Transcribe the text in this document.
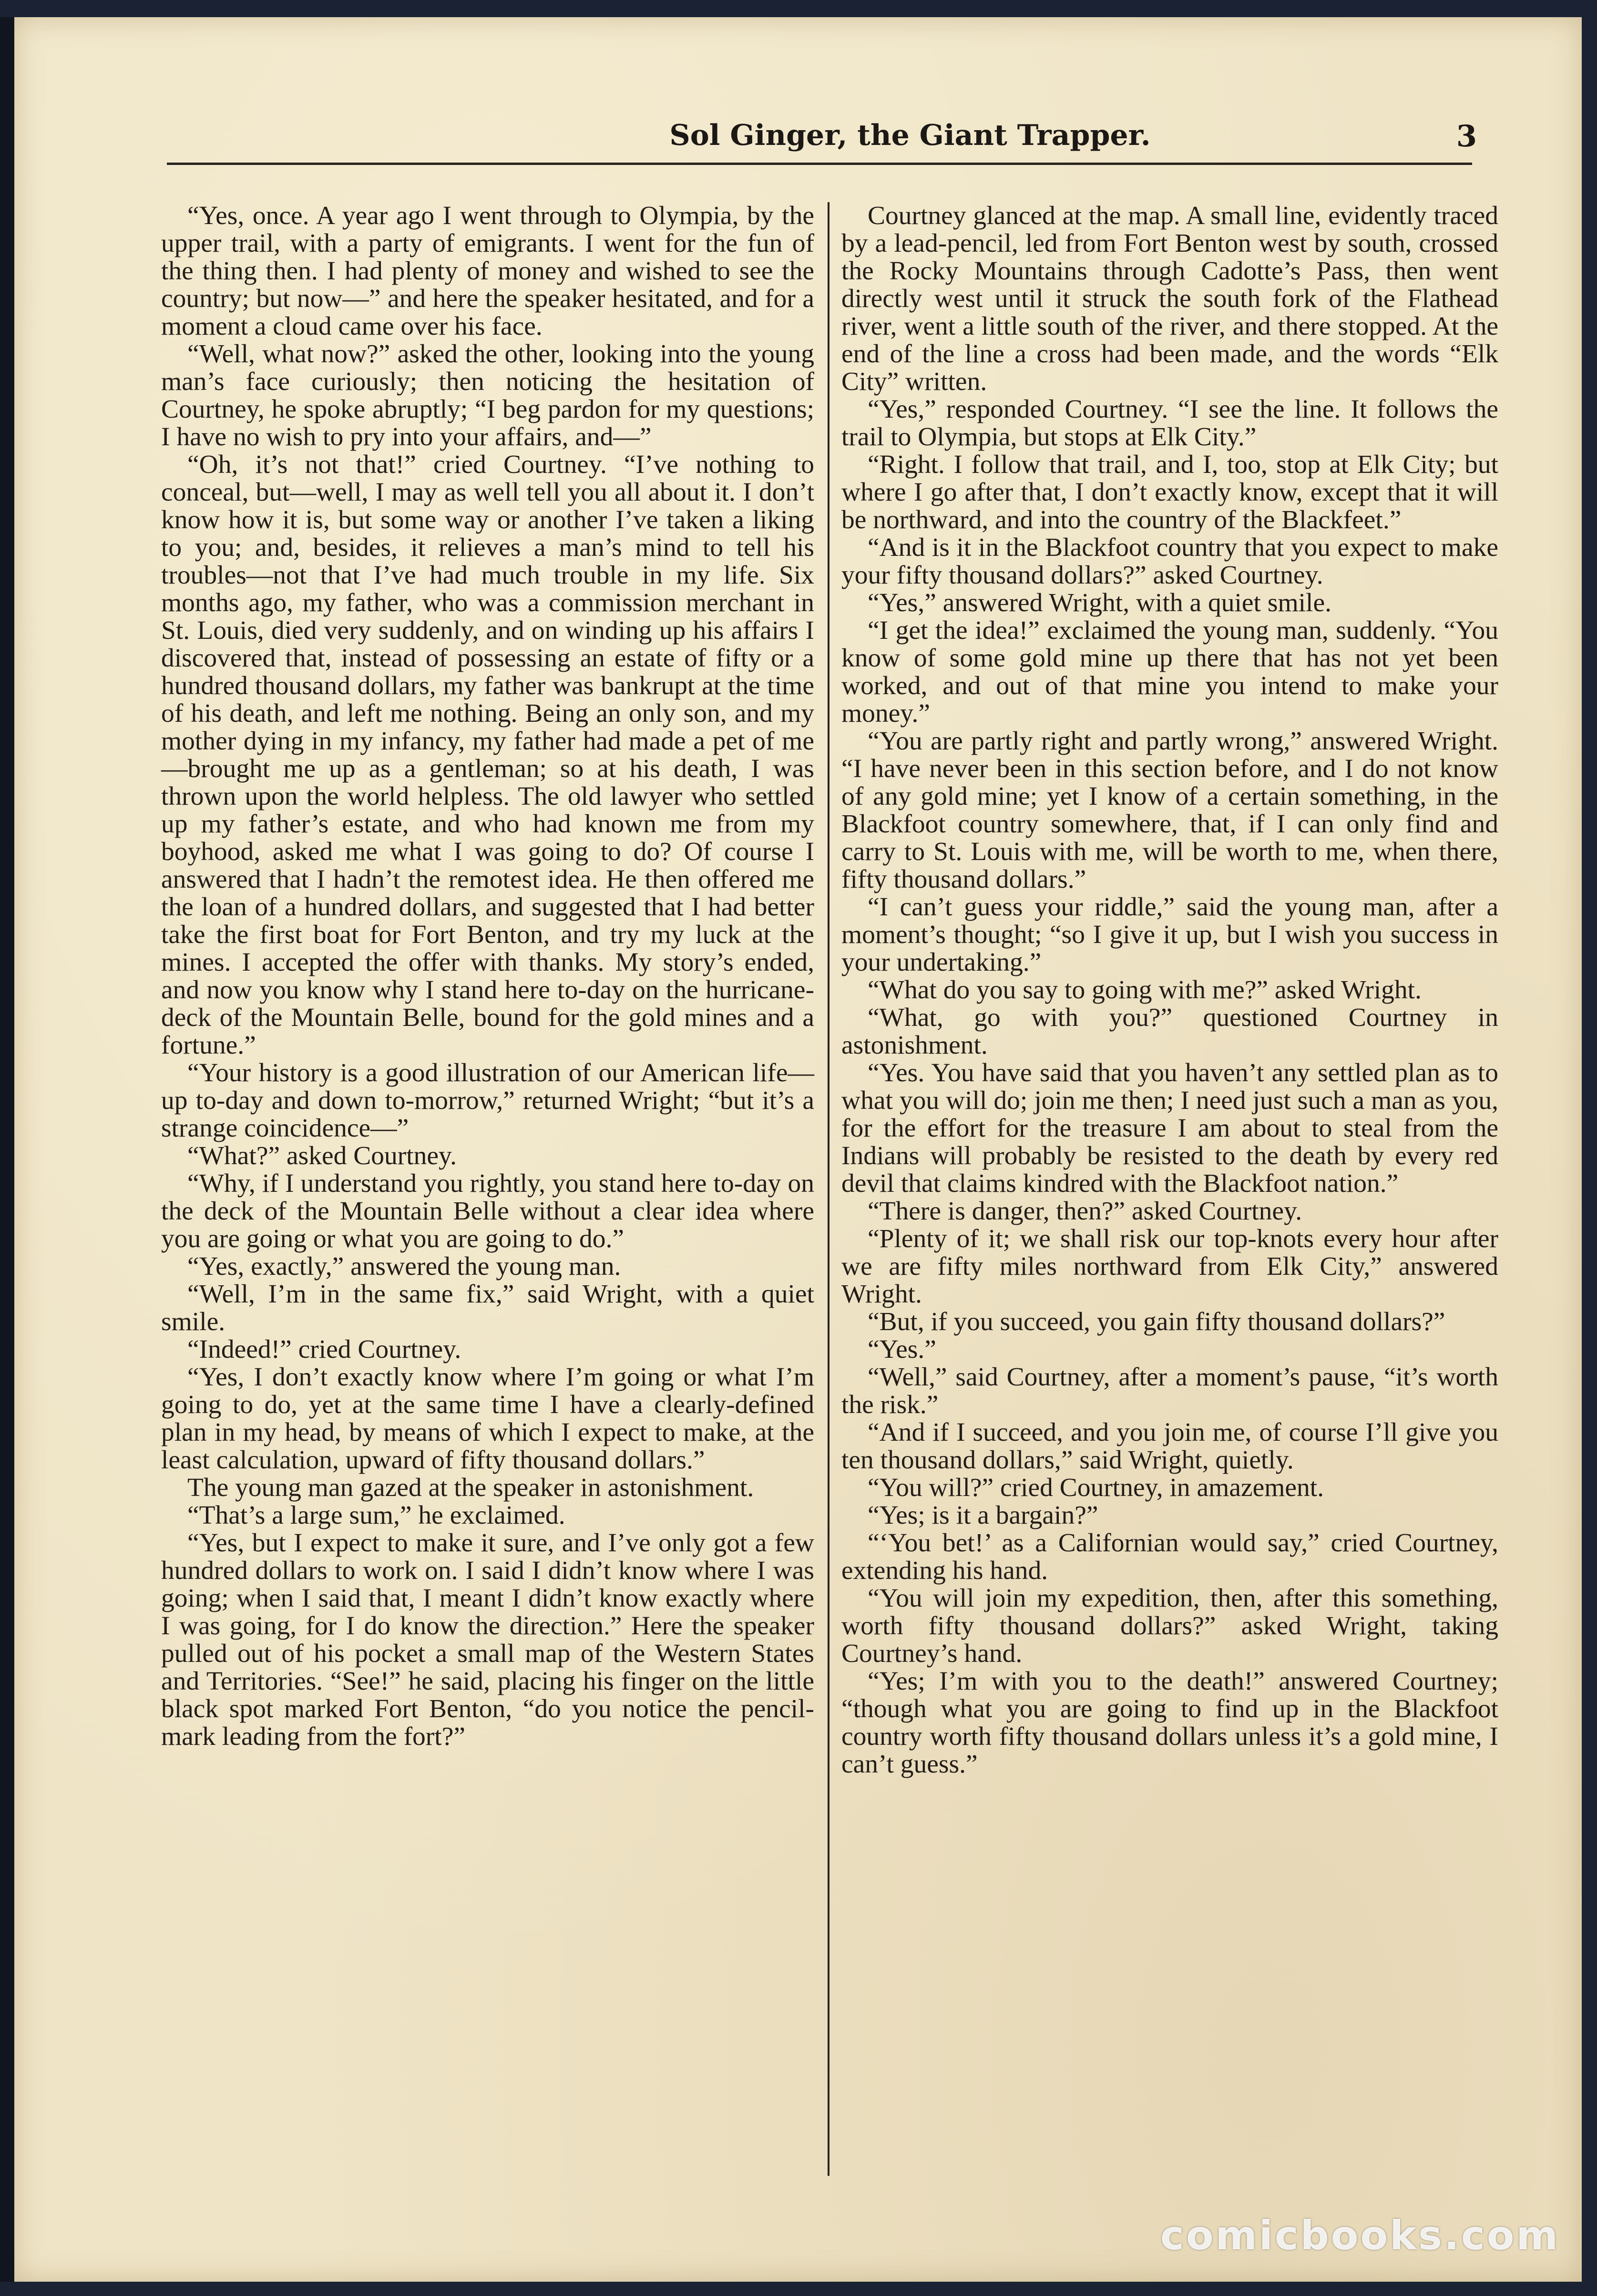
Sol Ginger, the Giant Trapper.	3

“Yes, once. A year ago I went through to Olympia, by the upper trail, with a party of emigrants. I went for the fun of the thing then. I had plenty of money and wished to see the country; but now—” and here the speaker hesitated, and for a moment a cloud came over his face.

“Well, what now?” asked the other, looking into the young man’s face curiously; then noticing the hesitation of Courtney, he spoke abruptly; “I beg pardon for my questions; I have no wish to pry into your affairs, and—”

“Oh, it’s not that!” cried Courtney. “I’ve nothing to conceal, but—well, I may as well tell you all about it. I don’t know how it is, but some way or another I’ve taken a liking to you; and, besides, it relieves a man’s mind to tell his troubles—not that I’ve had much trouble in my life. Six months ago, my father, who was a commission merchant in St. Louis, died very suddenly, and on winding up his affairs I discovered that, instead of possessing an estate of fifty or a hundred thousand dollars, my father was bankrupt at the time of his death, and left me nothing. Being an only son, and my mother dying in my infancy, my father had made a pet of me—brought me up as a gentleman; so at his death, I was thrown upon the world helpless. The old lawyer who settled up my father’s estate, and who had known me from my boyhood, asked me what I was going to do? Of course I answered that I hadn’t the remotest idea. He then offered me the loan of a hundred dollars, and suggested that I had better take the first boat for Fort Benton, and try my luck at the mines. I accepted the offer with thanks. My story’s ended, and now you know why I stand here to-day on the hurricane-deck of the Mountain Belle, bound for the gold mines and a fortune.”

“Your history is a good illustration of our American life—up to-day and down to-morrow,” returned Wright; “but it’s a strange coincidence—”

“What?” asked Courtney.

“Why, if I understand you rightly, you stand here to-day on the deck of the Mountain Belle without a clear idea where you are going or what you are going to do.”

“Yes, exactly,” answered the young man.

“Well, I’m in the same fix,” said Wright, with a quiet smile.

“Indeed!” cried Courtney.

“Yes, I don’t exactly know where I’m going or what I’m going to do, yet at the same time I have a clearly-defined plan in my head, by means of which I expect to make, at the least calculation, upward of fifty thousand dollars.”

The young man gazed at the speaker in astonishment.

“That’s a large sum,” he exclaimed.

“Yes, but I expect to make it sure, and I’ve only got a few hundred dollars to work on. I said I didn’t know where I was going; when I said that, I meant I didn’t know exactly where I was going, for I do know the direction.” Here the speaker pulled out of his pocket a small map of the Western States and Territories. “See!” he said, placing his finger on the little black spot marked Fort Benton, “do you notice the pencil-mark leading from the fort?”

Courtney glanced at the map. A small line, evidently traced by a lead-pencil, led from Fort Benton west by south, crossed the Rocky Mountains through Cadotte’s Pass, then went directly west until it struck the south fork of the Flathead river, went a little south of the river, and there stopped. At the end of the line a cross had been made, and the words “Elk City” written.

“Yes,” responded Courtney. “I see the line. It follows the trail to Olympia, but stops at Elk City.”

“Right. I follow that trail, and I, too, stop at Elk City; but where I go after that, I don’t exactly know, except that it will be northward, and into the country of the Blackfeet.”

“And is it in the Blackfoot country that you expect to make your fifty thousand dollars?” asked Courtney.

“Yes,” answered Wright, with a quiet smile.

“I get the idea!” exclaimed the young man, suddenly. “You know of some gold mine up there that has not yet been worked, and out of that mine you intend to make your money.”

“You are partly right and partly wrong,” answered Wright. “I have never been in this section before, and I do not know of any gold mine; yet I know of a certain something, in the Blackfoot country somewhere, that, if I can only find and carry to St. Louis with me, will be worth to me, when there, fifty thousand dollars.”

“I can’t guess your riddle,” said the young man, after a moment’s thought; “so I give it up, but I wish you success in your undertaking.”

“What do you say to going with me?” asked Wright.

“What, go with you?” questioned Courtney in astonishment.

“Yes. You have said that you haven’t any settled plan as to what you will do; join me then; I need just such a man as you, for the effort for the treasure I am about to steal from the Indians will probably be resisted to the death by every red devil that claims kindred with the Blackfoot nation.”

“There is danger, then?” asked Courtney.

“Plenty of it; we shall risk our top-knots every hour after we are fifty miles northward from Elk City,” answered Wright.

“But, if you succeed, you gain fifty thousand dollars?”

“Yes.”

“Well,” said Courtney, after a moment’s pause, “it’s worth the risk.”

“And if I succeed, and you join me, of course I’ll give you ten thousand dollars,” said Wright, quietly.

“You will?” cried Courtney, in amazement.

“Yes; is it a bargain?”

“‘You bet!’ as a Californian would say,” cried Courtney, extending his hand.

“You will join my expedition, then, after this something, worth fifty thousand dollars?” asked Wright, taking Courtney’s hand.

“Yes; I’m with you to the death!” answered Courtney; “though what you are going to find up in the Blackfoot country worth fifty thousand dollars unless it’s a gold mine, I can’t guess.”

comicbooks.com
